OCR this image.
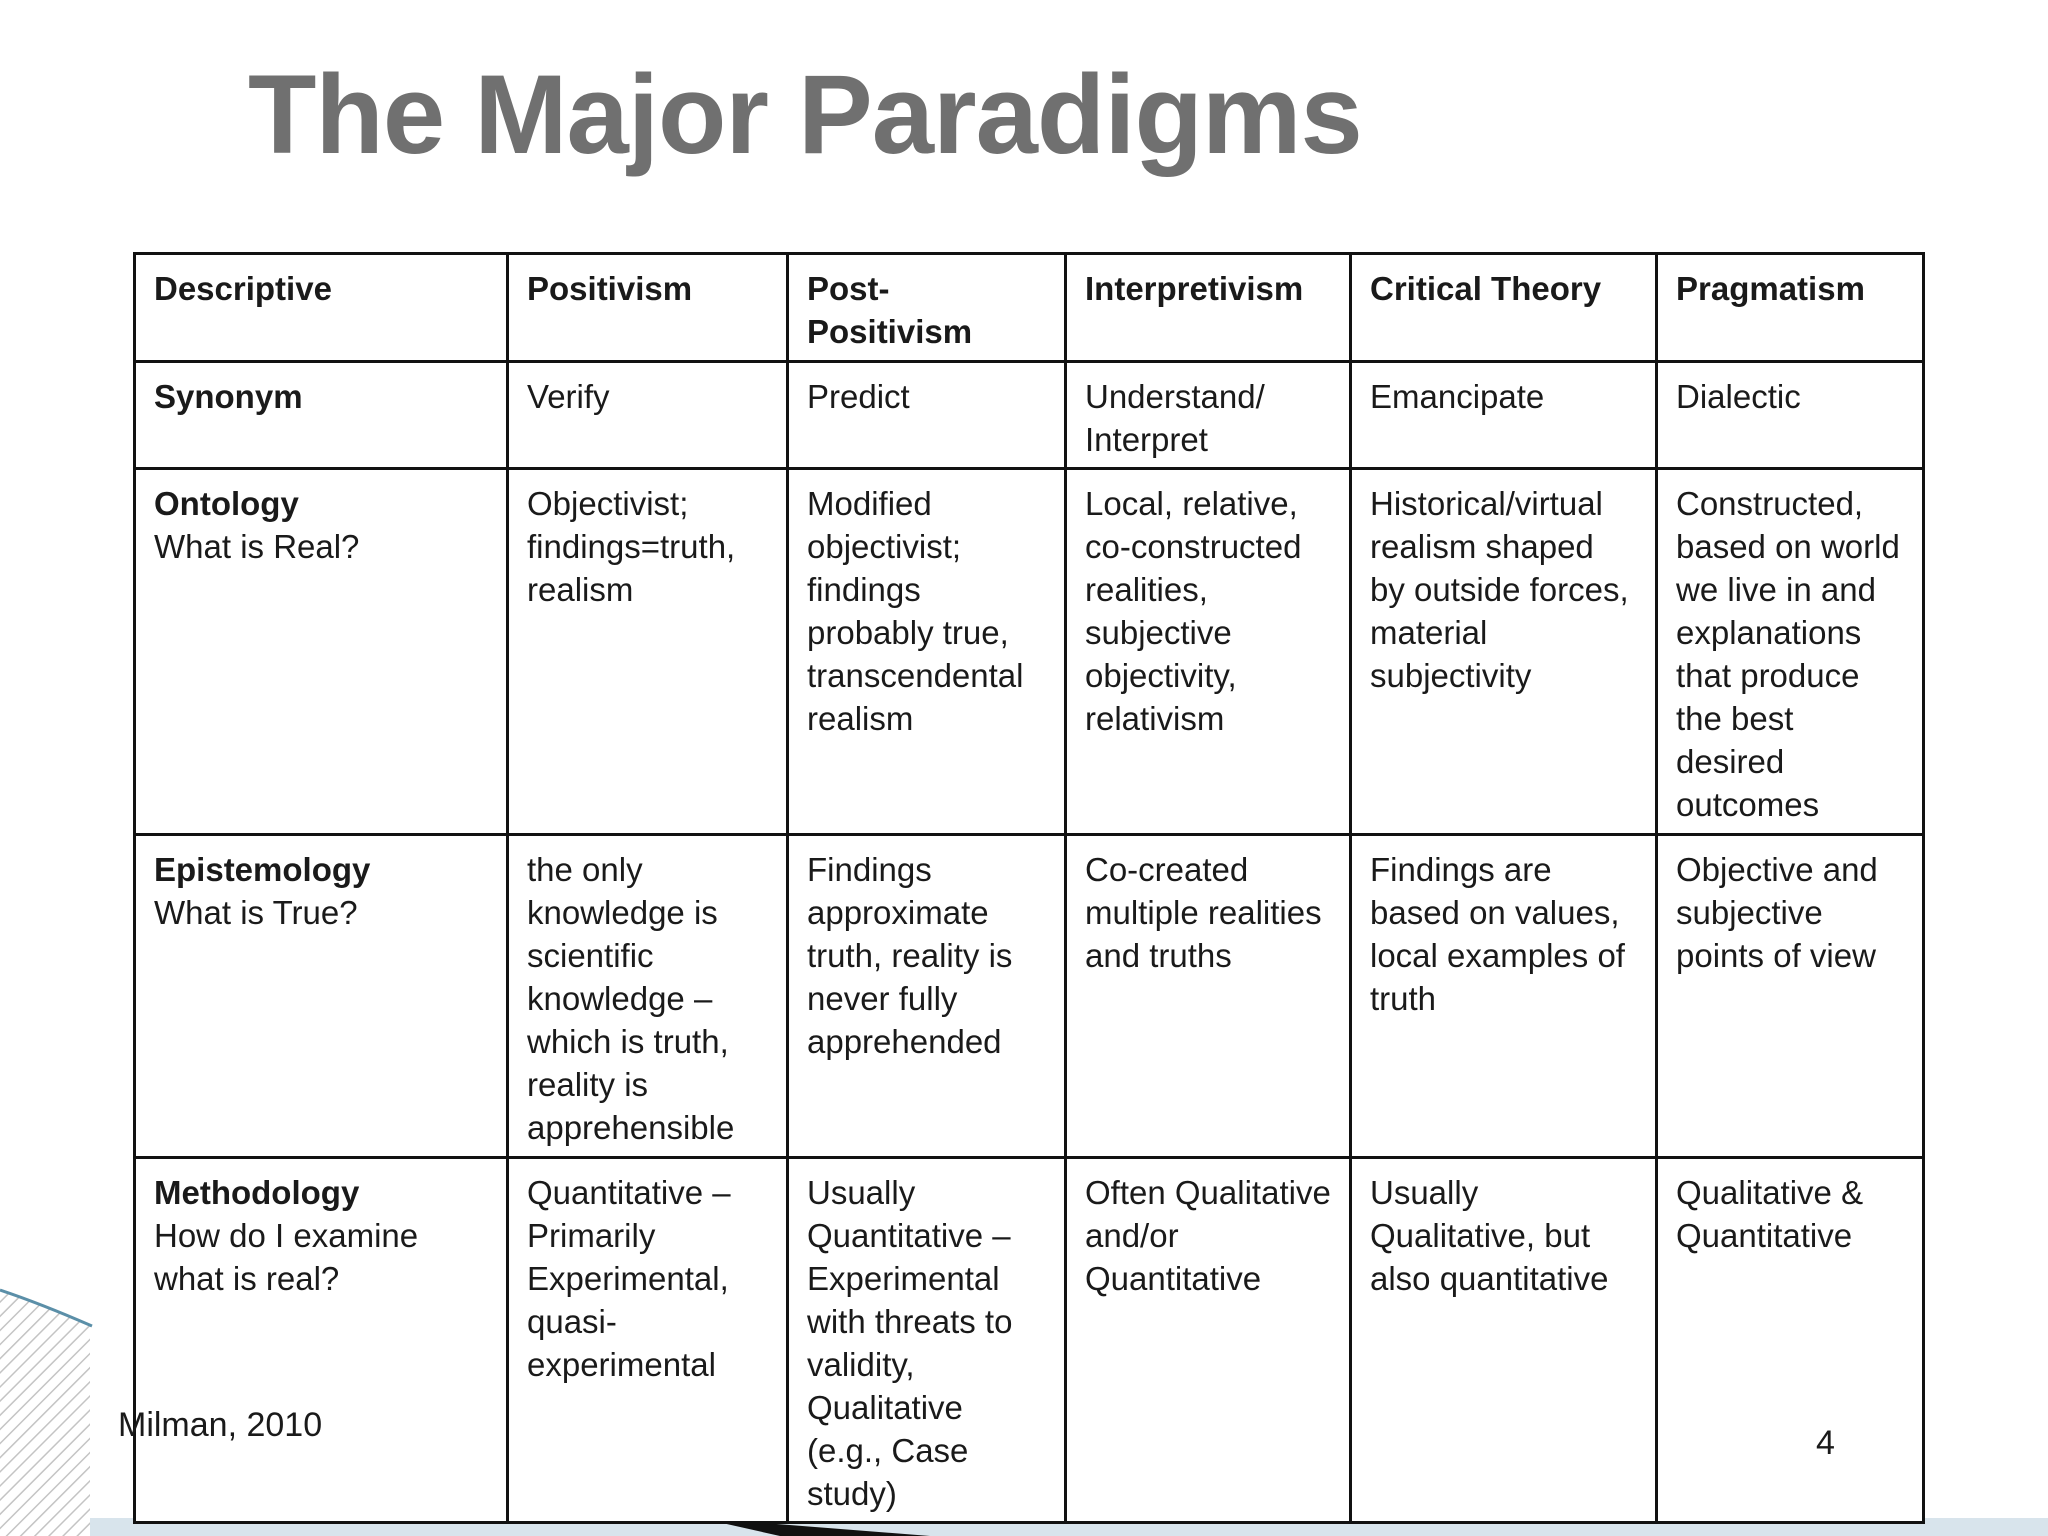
The Major Paradigms
Descriptive	Positivism	Post-Positivism	Interpretivism	Critical Theory	Pragmatism

Synonym	Verify	Predict	Understand/ Interpret	Emancipate	Dialectic

Ontology
What is Real?	Objectivist; findings=truth, realism	Modified objectivist; findings probably true, transcendental realism	Local, relative, co-constructed realities, subjective objectivity, relativism	Historical/virtual realism shaped by outside forces, material subjectivity	Constructed, based on world we live in and explanations that produce the best desired outcomes

Epistemology
What is True?	the only knowledge is scientific knowledge – which is truth, reality is apprehensible	Findings approximate truth, reality is never fully apprehended	Co-created multiple realities and truths	Findings are based on values, local examples of truth	Objective and subjective points of view

Methodology
How do I examine what is real?	Quantitative – Primarily Experimental, quasi-experimental	Usually Quantitative – Experimental with threats to validity, Qualitative (e.g., Case study)	Often Qualitative and/or Quantitative	Usually Qualitative, but also quantitative	Qualitative & Quantitative
Milman, 2010	4
